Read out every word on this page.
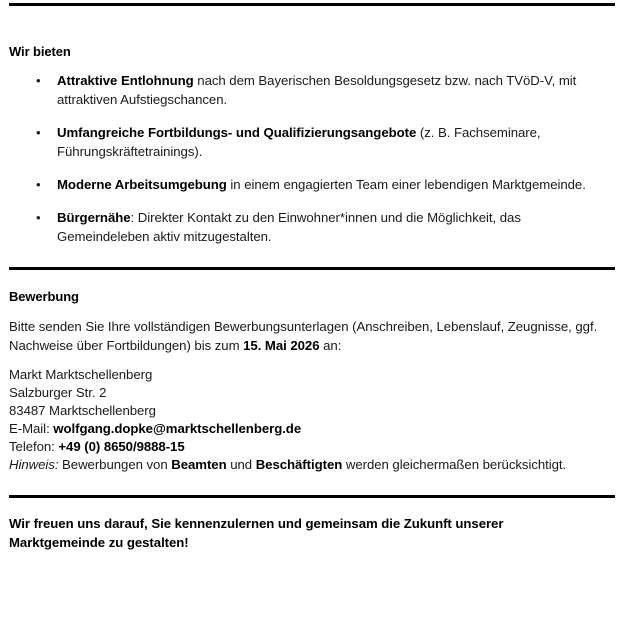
Wir bieten
• Attraktive Entlohnung nach dem Bayerischen Besoldungsgesetz bzw. nach TVöD-V, mit attraktiven Aufstiegschancen.
• Umfangreiche Fortbildungs- und Qualifizierungsangebote (z. B. Fachseminare, Führungskräftetrainings).
• Moderne Arbeitsumgebung in einem engagierten Team einer lebendigen Marktgemeinde.
• Bürgernähe: Direkter Kontakt zu den Einwohner*innen und die Möglichkeit, das Gemeindeleben aktiv mitzugestalten.
Bewerbung
Bitte senden Sie Ihre vollständigen Bewerbungsunterlagen (Anschreiben, Lebenslauf, Zeugnisse, ggf. Nachweise über Fortbildungen) bis zum 15. Mai 2026 an:
Markt Marktschellenberg
Salzburger Str. 2
83487 Marktschellenberg
E-Mail: wolfgang.dopke@marktschellenberg.de
Telefon: +49 (0) 8650/9888-15
Hinweis: Bewerbungen von Beamten und Beschäftigten werden gleichermaßen berücksichtigt.
Wir freuen uns darauf, Sie kennenzulernen und gemeinsam die Zukunft unserer Marktgemeinde zu gestalten!
